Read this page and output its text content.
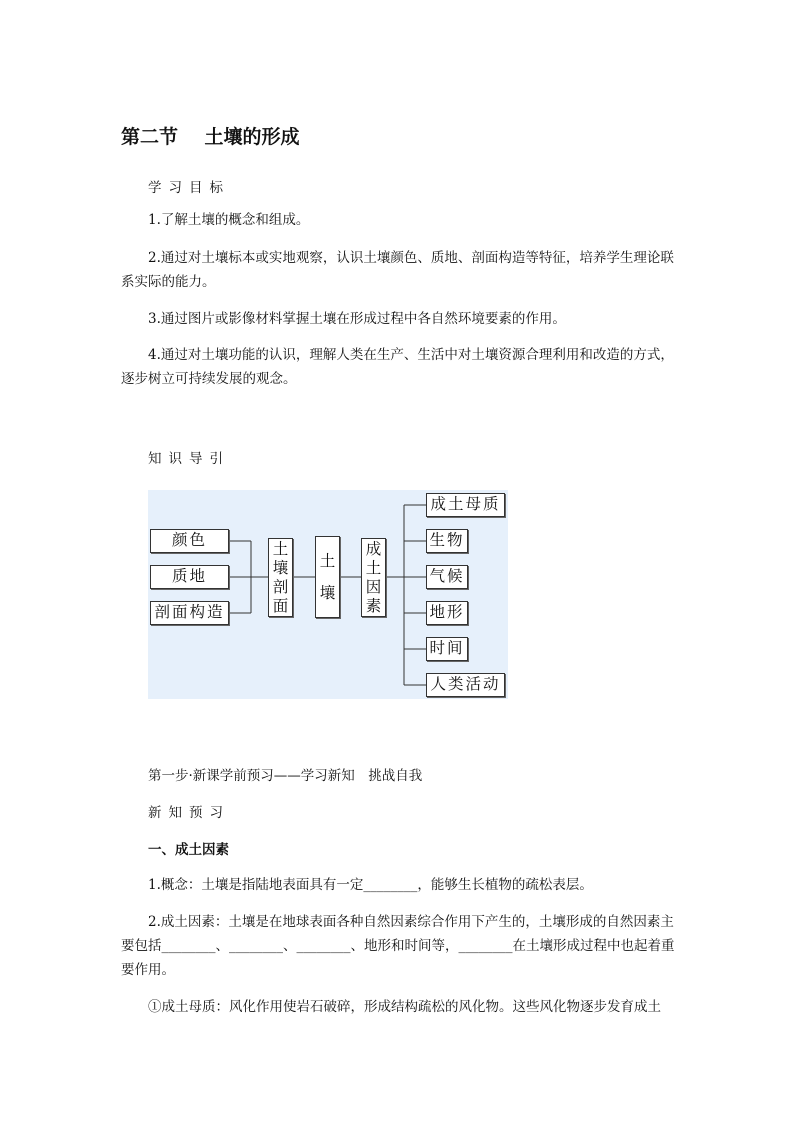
第二节    土壤的形成
学习目标

1.了解土壤的概念和组成。

2.通过对土壤标本或实地观察，认识土壤颜色、质地、剖面构造等特征，培养学生理论联系实际的能力。

3.通过图片或影像材料掌握土壤在形成过程中各自然环境要素的作用。

4.通过对土壤功能的认识，理解人类在生产、生活中对土壤资源合理利用和改造的方式，逐步树立可持续发展的观念。

知识导引
颜色
质地
剖面构造
土
壤
剖
面
土
壤
成
土
因
素
成土母质
生物
气候
地形
时间
人类活动
第一步·新课学前预习——学习新知　挑战自我
新知预习
一、成土因素

1.概念：土壤是指陆地表面具有一定________，能够生长植物的疏松表层。

2.成土因素：土壤是在地球表面各种自然因素综合作用下产生的，土壤形成的自然因素主要包括________、________、________、地形和时间等，________在土壤形成过程中也起着重要作用。

①成土母质：风化作用使岩石破碎，形成结构疏松的风化物。这些风化物逐步发育成土
